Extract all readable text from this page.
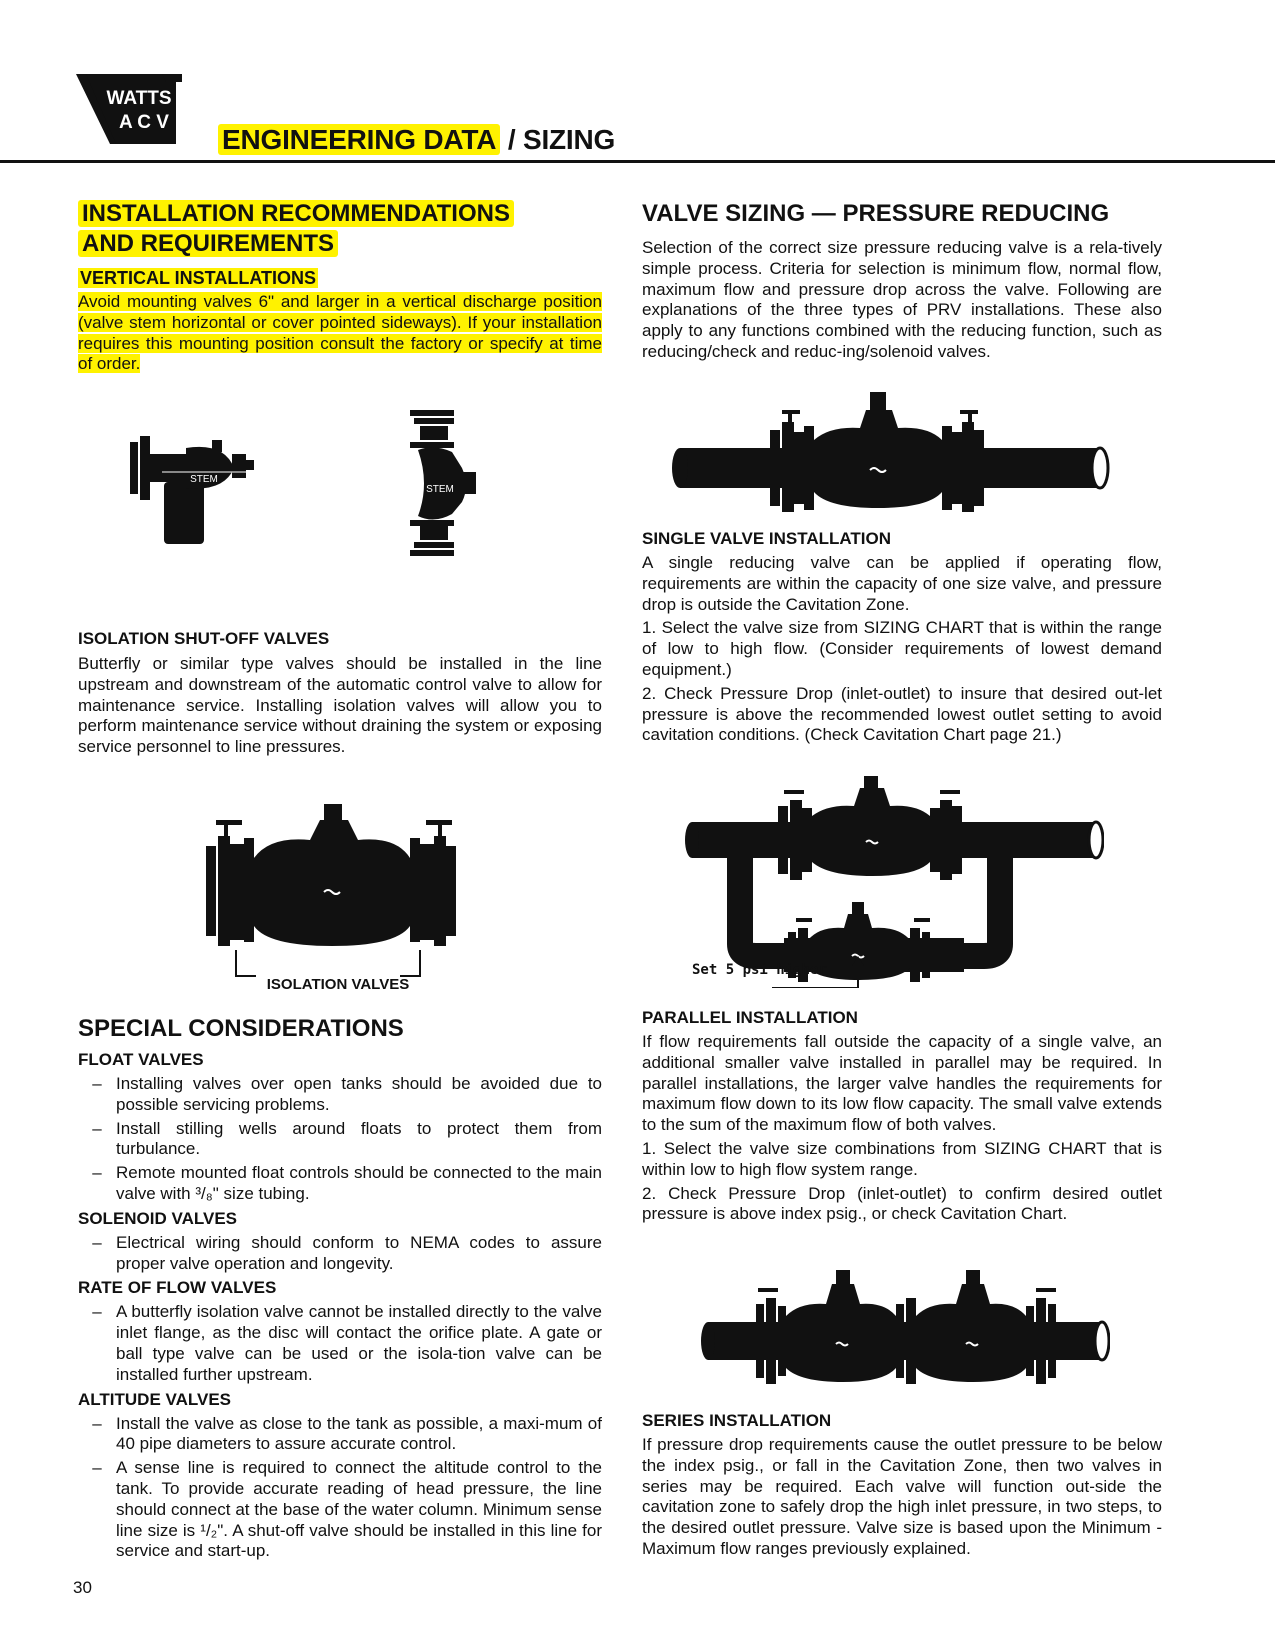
WATTS
A C V
ENGINEERING DATA / SIZING
INSTALLATION RECOMMENDATIONS
AND REQUIREMENTS
VERTICAL INSTALLATIONS

Avoid mounting valves 6" and larger in a vertical discharge position (valve stem horizontal or cover pointed sideways). If your installation requires this mounting position consult the factory or specify at time of order.

STEM
STEM

ISOLATION SHUT-OFF VALVES

Butterfly or similar type valves should be installed in the line upstream and downstream of the automatic control valve to allow for maintenance service. Installing isolation valves will allow you to perform maintenance service without draining the system or exposing service personnel to line pressures.

ISOLATION VALVES

SPECIAL CONSIDERATIONS

FLOAT VALVES

– Installing valves over open tanks should be avoided due to possible servicing problems.
– Install stilling wells around floats to protect them from turbulance.
– Remote mounted float controls should be connected to the main valve with ³/₈" size tubing.

SOLENOID VALVES

– Electrical wiring should conform to NEMA codes to assure proper valve operation and longevity.

RATE OF FLOW VALVES

– A butterfly isolation valve cannot be installed directly to the valve inlet flange, as the disc will contact the orifice plate. A gate or ball type valve can be used or the isola-tion valve can be installed further upstream.

ALTITUDE VALVES

– Install the valve as close to the tank as possible, a maxi-mum of 40 pipe diameters to assure accurate control.
– A sense line is required to connect the altitude control to the tank. To provide accurate reading of head pressure, the line should connect at the base of the water column. Minimum sense line size is ¹/₂". A shut-off valve should be installed in this line for service and start-up.
30

VALVE SIZING — PRESSURE REDUCING

Selection of the correct size pressure reducing valve is a rela-tively simple process. Criteria for selection is minimum flow, normal flow, maximum flow and pressure drop across the valve. Following are explanations of the three types of PRV installations. These also apply to any functions combined with the reducing function, such as reducing/check and reduc-ing/solenoid valves.

SINGLE VALVE INSTALLATION

A single reducing valve can be applied if operating flow, requirements are within the capacity of one size valve, and pressure drop is outside the Cavitation Zone.

1. Select the valve size from SIZING CHART that is within the range of low to high flow. (Consider requirements of lowest demand equipment.)

2. Check Pressure Drop (inlet-outlet) to insure that desired out-let pressure is above the recommended lowest outlet setting to avoid cavitation conditions. (Check Cavitation Chart page 21.)

Set 5 psi higher

PARALLEL INSTALLATION

If flow requirements fall outside the capacity of a single valve, an additional smaller valve installed in parallel may be required. In parallel installations, the larger valve handles the requirements for maximum flow down to its low flow capacity. The small valve extends to the sum of the maximum flow of both valves.

1. Select the valve size combinations from SIZING CHART that is within low to high flow system range.

2. Check Pressure Drop (inlet-outlet) to confirm desired outlet pressure is above index psig., or check Cavitation Chart.

SERIES INSTALLATION

If pressure drop requirements cause the outlet pressure to be below the index psig., or fall in the Cavitation Zone, then two valves in series may be required. Each valve will function out-side the cavitation zone to safely drop the high inlet pressure, in two steps, to the desired outlet pressure. Valve size is based upon the Minimum - Maximum flow ranges previously explained.
